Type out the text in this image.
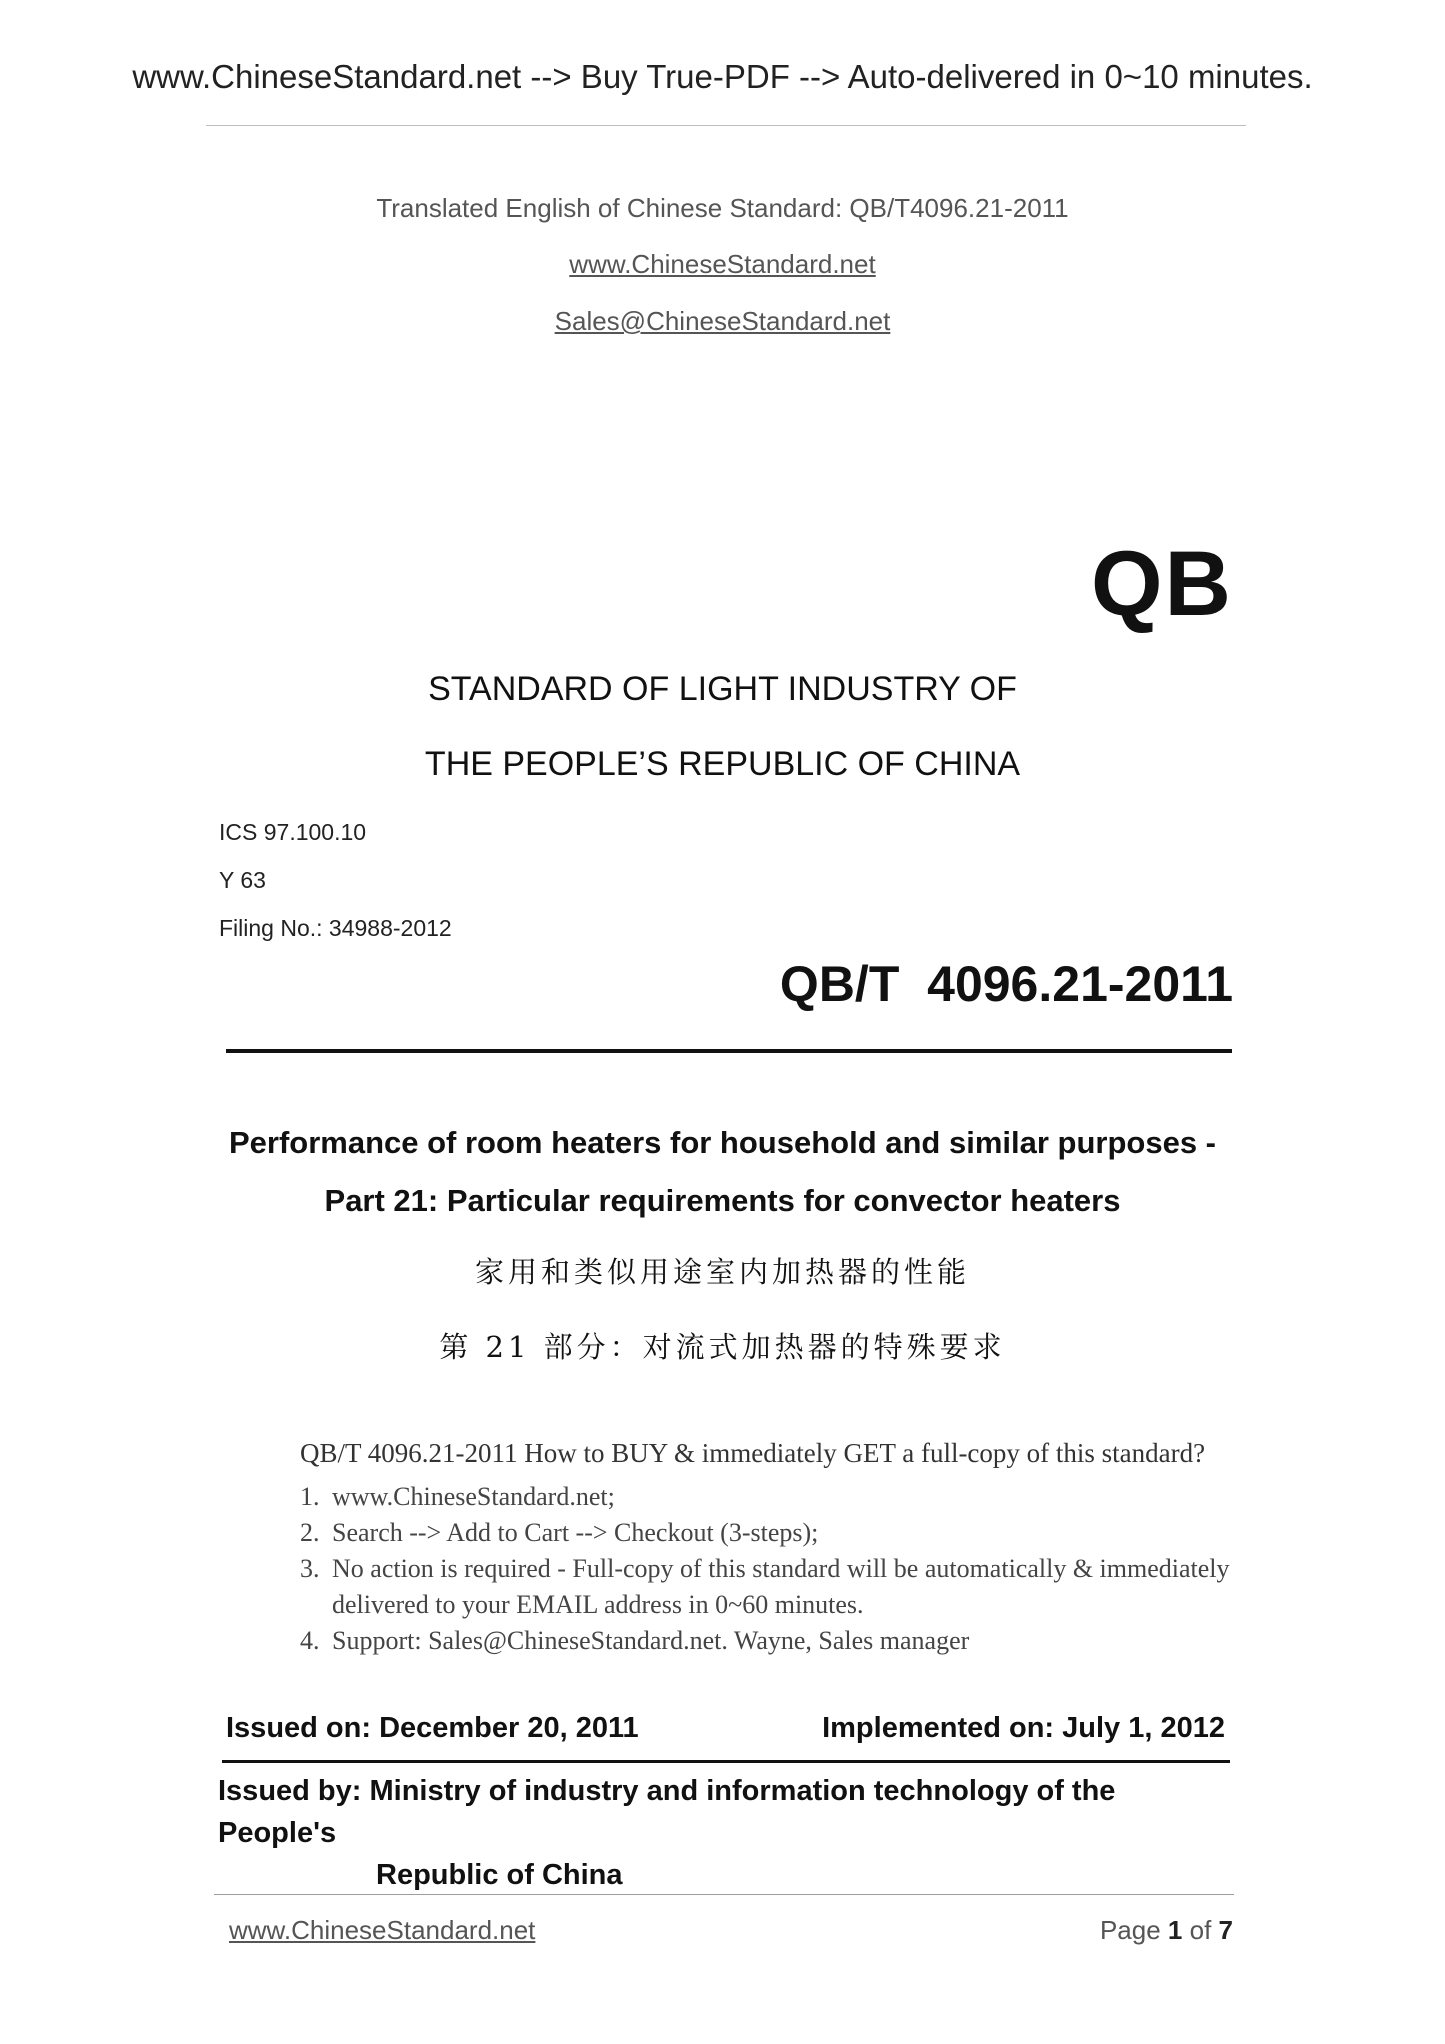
www.ChineseStandard.net --> Buy True-PDF --> Auto-delivered in 0~10 minutes.
Translated English of Chinese Standard: QB/T4096.21-2011
www.ChineseStandard.net
Sales@ChineseStandard.net
QB
STANDARD OF LIGHT INDUSTRY OF
THE PEOPLE’S REPUBLIC OF CHINA
ICS 97.100.10
Y 63
Filing No.: 34988-2012
QB/T  4096.21-2011
Performance of room heaters for household and similar purposes -
Part 21: Particular requirements for convector heaters
家用和类似用途室内加热器的性能
第 21 部分：对流式加热器的特殊要求
QB/T 4096.21-2011 How to BUY & immediately GET a full-copy of this standard?
1. www.ChineseStandard.net;
2. Search --> Add to Cart --> Checkout (3-steps);
3. No action is required - Full-copy of this standard will be automatically & immediately delivered to your EMAIL address in 0~60 minutes.
4. Support: Sales@ChineseStandard.net. Wayne, Sales manager
Issued on: December 20, 2011	Implemented on: July 1, 2012
Issued by: Ministry of industry and information technology of the People's
Republic of China
www.ChineseStandard.net	Page 1 of 7
